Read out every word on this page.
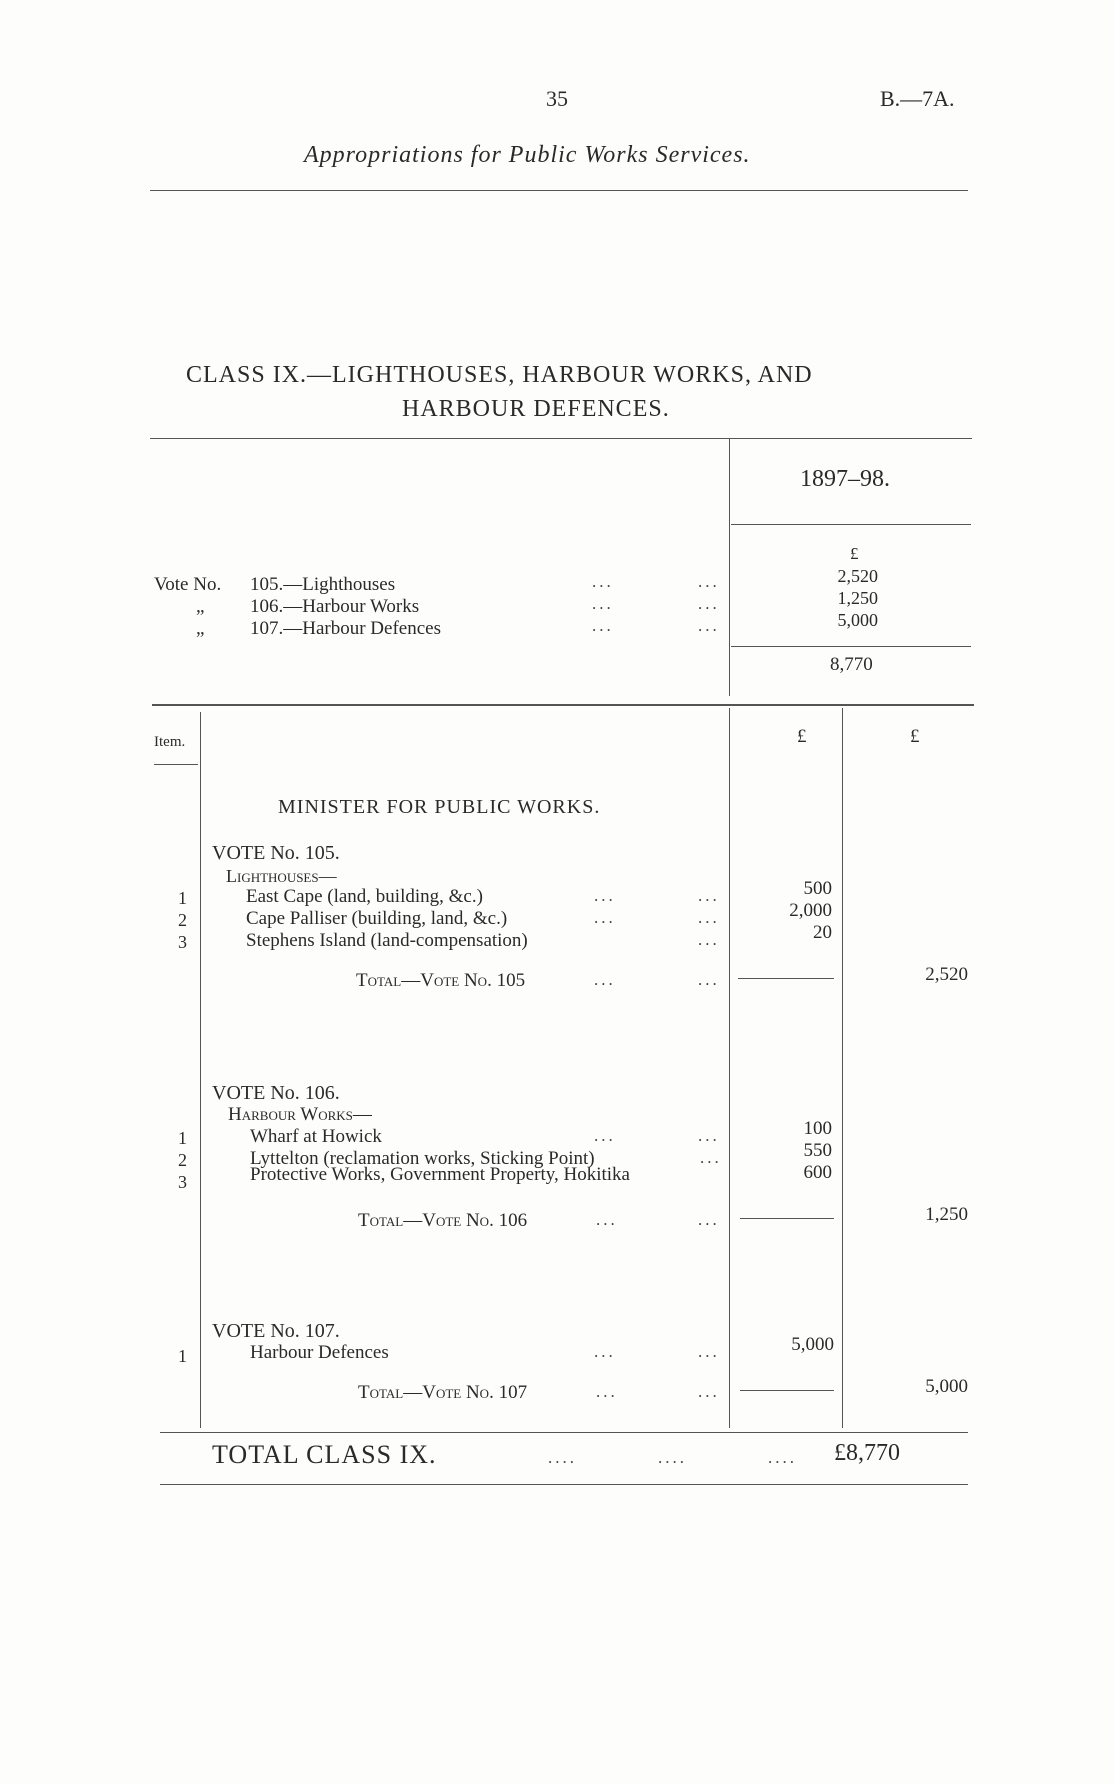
35	B.—7A.
Appropriations for Public Works Services.
CLASS IX.—LIGHTHOUSES, HARBOUR WORKS, AND
HARBOUR DEFENCES.
1897–98.
£
Vote No. 105.—Lighthouses	...	...	2,520
„ 106.—Harbour Works	...	...	1,250
„ 107.—Harbour Defences	...	...	5,000
8,770
Item.	£	£
MINISTER FOR PUBLIC WORKS.
VOTE No. 105.
Lighthouses—
1	East Cape (land, building, &c.)	...	...	500
2	Cape Palliser (building, land, &c.)	...	...	2,000
3	Stephens Island (land-compensation)	...	20
Total—Vote No. 105	...	...	2,520
VOTE No. 106.
Harbour Works—
1	Wharf at Howick	...	...	100
2	Lyttelton (reclamation works, Sticking Point)	...	550
3	Protective Works, Government Property, Hokitika	600
Total—Vote No. 106	...	...	1,250
VOTE No. 107.
1	Harbour Defences	...	...	5,000
Total—Vote No. 107	...	...	5,000
TOTAL CLASS IX.	....	....	.... £8,770
